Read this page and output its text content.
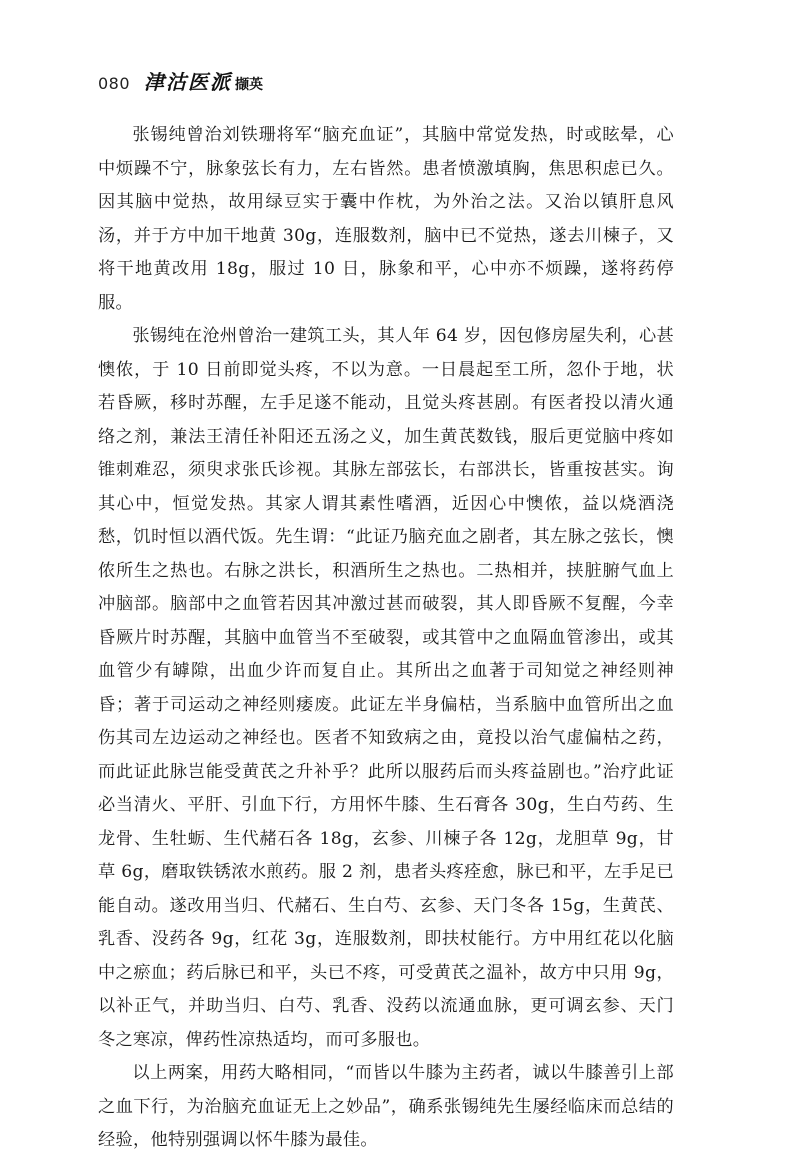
080 津沽医派 撷英

张锡纯曾治刘铁珊将军“脑充血证”，其脑中常觉发热，时或眩晕，心中烦躁不宁，脉象弦长有力，左右皆然。患者愤激填胸，焦思积虑已久。因其脑中觉热，故用绿豆实于囊中作枕，为外治之法。又治以镇肝息风汤，并于方中加干地黄 30g，连服数剂，脑中已不觉热，遂去川楝子，又将干地黄改用 18g，服过 10 日，脉象和平，心中亦不烦躁，遂将药停服。

张锡纯在沧州曾治一建筑工头，其人年 64 岁，因包修房屋失利，心甚懊侬，于 10 日前即觉头疼，不以为意。一日晨起至工所，忽仆于地，状若昏厥，移时苏醒，左手足遂不能动，且觉头疼甚剧。有医者投以清火通络之剂，兼法王清任补阳还五汤之义，加生黄芪数钱，服后更觉脑中疼如锥刺难忍，须臾求张氏诊视。其脉左部弦长，右部洪长，皆重按甚实。询其心中，恒觉发热。其家人谓其素性嗜酒，近因心中懊侬，益以烧酒浇愁，饥时恒以酒代饭。先生谓：“此证乃脑充血之剧者，其左脉之弦长，懊侬所生之热也。右脉之洪长，积酒所生之热也。二热相并，挟脏腑气血上冲脑部。脑部中之血管若因其冲激过甚而破裂，其人即昏厥不复醒，今幸昏厥片时苏醒，其脑中血管当不至破裂，或其管中之血隔血管渗出，或其血管少有罅隙，出血少许而复自止。其所出之血著于司知觉之神经则神昏；著于司运动之神经则痿废。此证左半身偏枯，当系脑中血管所出之血伤其司左边运动之神经也。医者不知致病之由，竟投以治气虚偏枯之药，而此证此脉岂能受黄芪之升补乎？此所以服药后而头疼益剧也。”治疗此证必当清火、平肝、引血下行，方用怀牛膝、生石膏各 30g，生白芍药、生龙骨、生牡蛎、生代赭石各 18g，玄参、川楝子各 12g，龙胆草 9g，甘草 6g，磨取铁锈浓水煎药。服 2 剂，患者头疼痊愈，脉已和平，左手足已能自动。遂改用当归、代赭石、生白芍、玄参、天门冬各 15g，生黄芪、乳香、没药各 9g，红花 3g，连服数剂，即扶杖能行。方中用红花以化脑中之瘀血；药后脉已和平，头已不疼，可受黄芪之温补，故方中只用 9g，以补正气，并助当归、白芍、乳香、没药以流通血脉，更可调玄参、天门冬之寒凉，俾药性凉热适均，而可多服也。

以上两案，用药大略相同，“而皆以牛膝为主药者，诚以牛膝善引上部之血下行，为治脑充血证无上之妙品”，确系张锡纯先生屡经临床而总结的经验，他特别强调以怀牛膝为最佳。
